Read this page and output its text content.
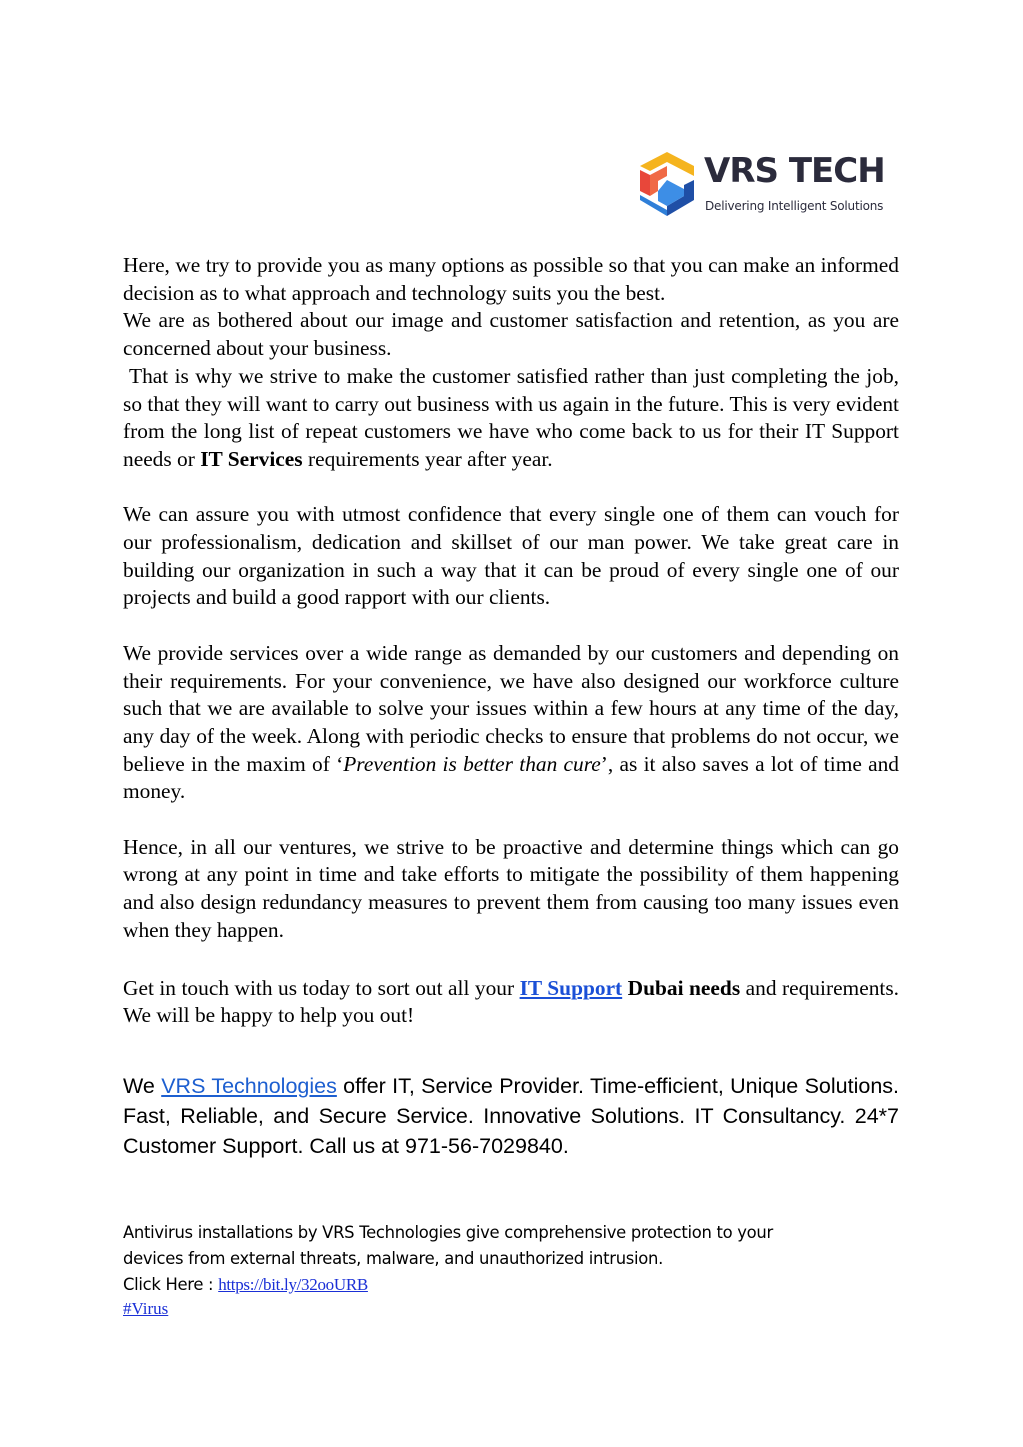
VRS TECH
Delivering Intelligent Solutions

Here, we try to provide you as many options as possible so that you can make an informed decision as to what approach and technology suits you the best.
We are as bothered about our image and customer satisfaction and retention, as you are concerned about your business.
That is why we strive to make the customer satisfied rather than just completing the job, so that they will want to carry out business with us again in the future. This is very evident from the long list of repeat customers we have who come back to us for their IT Support needs or IT Services requirements year after year.

We can assure you with utmost confidence that every single one of them can vouch for our professionalism, dedication and skillset of our man power. We take great care in building our organization in such a way that it can be proud of every single one of our projects and build a good rapport with our clients.

We provide services over a wide range as demanded by our customers and depending on their requirements. For your convenience, we have also designed our workforce culture such that we are available to solve your issues within a few hours at any time of the day, any day of the week. Along with periodic checks to ensure that problems do not occur, we believe in the maxim of ‘Prevention is better than cure’, as it also saves a lot of time and money.

Hence, in all our ventures, we strive to be proactive and determine things which can go wrong at any point in time and take efforts to mitigate the possibility of them happening and also design redundancy measures to prevent them from causing too many issues even when they happen.

Get in touch with us today to sort out all your IT Support Dubai needs and requirements. We will be happy to help you out!

We VRS Technologies offer IT, Service Provider. Time-efficient, Unique Solutions. Fast, Reliable, and Secure Service. Innovative Solutions. IT Consultancy. 24*7 Customer Support. Call us at 971-56-7029840.

Antivirus installations by VRS Technologies give comprehensive protection to your

devices from external threats, malware, and unauthorized intrusion.

Click Here : https://bit.ly/32ooURB

#Virus
